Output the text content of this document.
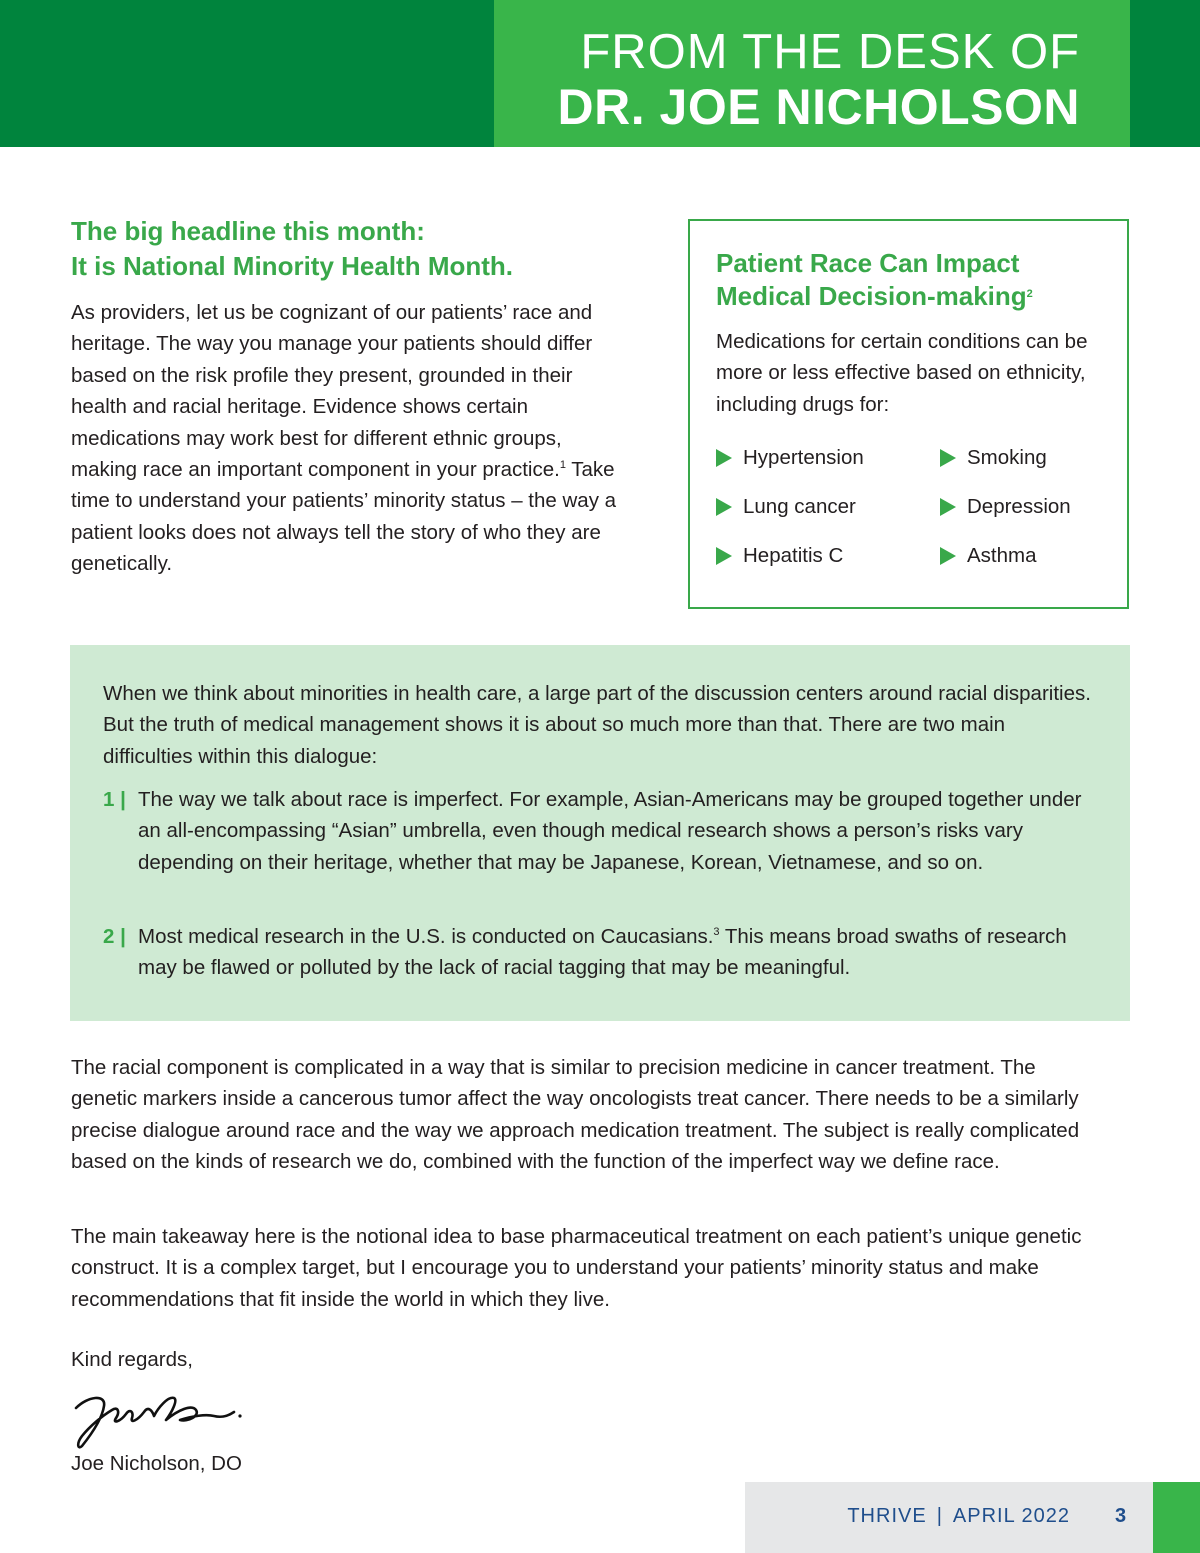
FROM THE DESK OF
DR. JOE NICHOLSON
The big headline this month:
It is National Minority Health Month.

As providers, let us be cognizant of our patients’ race and heritage. The way you manage your patients should differ based on the risk profile they present, grounded in their health and racial heritage. Evidence shows certain medications may work best for different ethnic groups, making race an important component in your practice.$^1$ Take time to understand your patients’ minority status – the way a patient looks does not always tell the story of who they are genetically.

Patient Race Can Impact
Medical Decision-making$^2$

Medications for certain conditions can be more or less effective based on ethnicity, including drugs for:

Hypertension
Lung cancer
Hepatitis C
Smoking
Depression
Asthma

When we think about minorities in health care, a large part of the discussion centers around racial disparities. But the truth of medical management shows it is about so much more than that. There are two main difficulties within this dialogue:

1 | The way we talk about race is imperfect. For example, Asian-Americans may be grouped together under an all-encompassing “Asian” umbrella, even though medical research shows a person’s risks vary depending on their heritage, whether that may be Japanese, Korean, Vietnamese, and so on.

2 | Most medical research in the U.S. is conducted on Caucasians.$^3$ This means broad swaths of research may be flawed or polluted by the lack of racial tagging that may be meaningful.

The racial component is complicated in a way that is similar to precision medicine in cancer treatment. The genetic markers inside a cancerous tumor affect the way oncologists treat cancer. There needs to be a similarly precise dialogue around race and the way we approach medication treatment. The subject is really complicated based on the kinds of research we do, combined with the function of the imperfect way we define race.

The main takeaway here is the notional idea to base pharmaceutical treatment on each patient’s unique genetic construct. It is a complex target, but I encourage you to understand your patients’ minority status and make recommendations that fit inside the world in which they live.

Kind regards,

Joe Nicholson, DO

THRIVE | APRIL 2022 3
